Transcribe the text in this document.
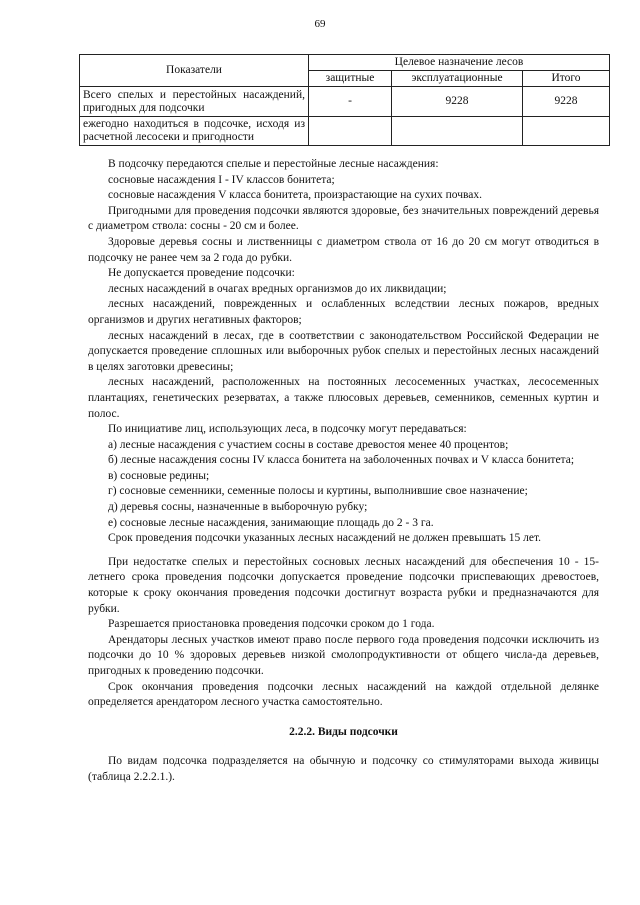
69
Показатели	Целевое назначение лесов		
	защитные	эксплуатационные	Итого
Всего спелых и перестойных насаждений, пригодных для подсочки	-	9228	9228
ежегодно находиться в подсочке, исходя из расчетной лесосеки и пригодности			

В подсочку передаются спелые и перестойные лесные насаждения:

сосновые насаждения I - IV классов бонитета;

сосновые насаждения V класса бонитета, произрастающие на сухих почвах.

Пригодными для проведения подсочки являются здоровые, без значительных повреждений деревья с диаметром ствола: сосны - 20 см и более.

Здоровые деревья сосны и лиственницы с диаметром ствола от 16 до 20 см могут отводиться в подсочку не ранее чем за 2 года до рубки.

Не допускается проведение подсочки:

лесных насаждений в очагах вредных организмов до их ликвидации;

лесных насаждений, поврежденных и ослабленных вследствии лесных пожаров, вредных организмов и других негативных факторов;

лесных насаждений в лесах, где в соответствии с законодательством Российской Федерации не допускается проведение сплошных или выборочных рубок спелых и перестойных лесных насаждений в целях заготовки древесины;

лесных насаждений, расположенных на постоянных лесосеменных участках, лесосеменных плантациях, генетических резерватах, а также плюсовых деревьев, семенников, семенных куртин и полос.

По инициативе лиц, использующих леса, в подсочку могут передаваться:

а) лесные насаждения с участием сосны в составе древостоя менее 40 процентов;

б) лесные насаждения сосны IV класса бонитета на заболоченных почвах и V класса бонитета;

в) сосновые редины;

г) сосновые семенники, семенные полосы и куртины, выполнившие свое назначение;

д) деревья сосны, назначенные в выборочную рубку;

е) сосновые лесные насаждения, занимающие площадь до 2 - 3 га.

Срок проведения подсочки указанных лесных насаждений не должен превышать 15 лет.

При недостатке спелых и перестойных сосновых лесных насаждений для обеспечения 10 - 15-летнего срока проведения подсочки допускается проведение подсочки приспевающих древостоев, которые к сроку окончания проведения подсочки достигнут возраста рубки и предназначаются для рубки.

Разрешается приостановка проведения подсочки сроком до 1 года.

Арендаторы лесных участков имеют право после первого года проведения подсочки исключить из подсочки до 10 % здоровых деревьев низкой смолопродуктивности от общего числа-да деревьев, пригодных к проведению подсочки.

Срок окончания проведения подсочки лесных насаждений на каждой отдельной делянке определяется арендатором лесного участка самостоятельно.

2.2.2. Виды подсочки

По видам подсочка подразделяется на обычную и подсочку со стимуляторами выхода живицы (таблица 2.2.2.1.).
